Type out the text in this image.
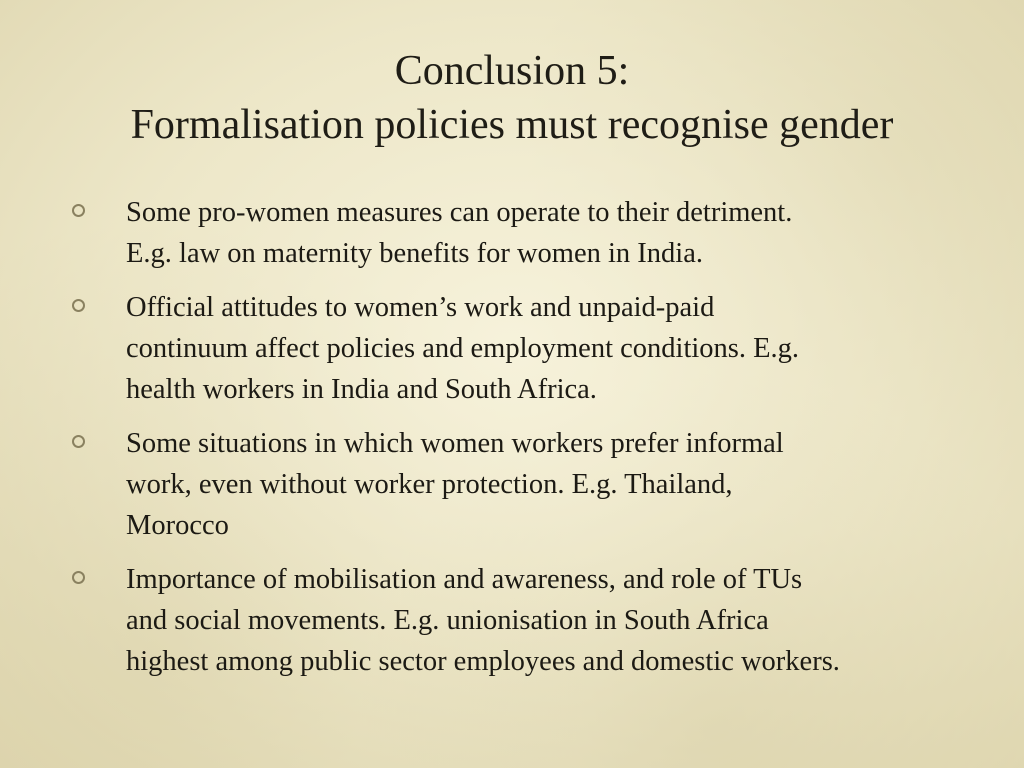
Conclusion 5:
Formalisation policies must recognise gender
Some pro-women measures can operate to their detriment.
E.g. law on maternity benefits for women in India.
Official attitudes to women’s work and unpaid-paid
continuum affect policies and employment conditions. E.g.
health workers in India and South Africa.
Some situations in which women workers prefer informal
work, even without worker protection. E.g. Thailand,
Morocco
Importance of mobilisation and awareness, and role of TUs
and social movements. E.g. unionisation in South Africa
highest among public sector employees and domestic workers.
